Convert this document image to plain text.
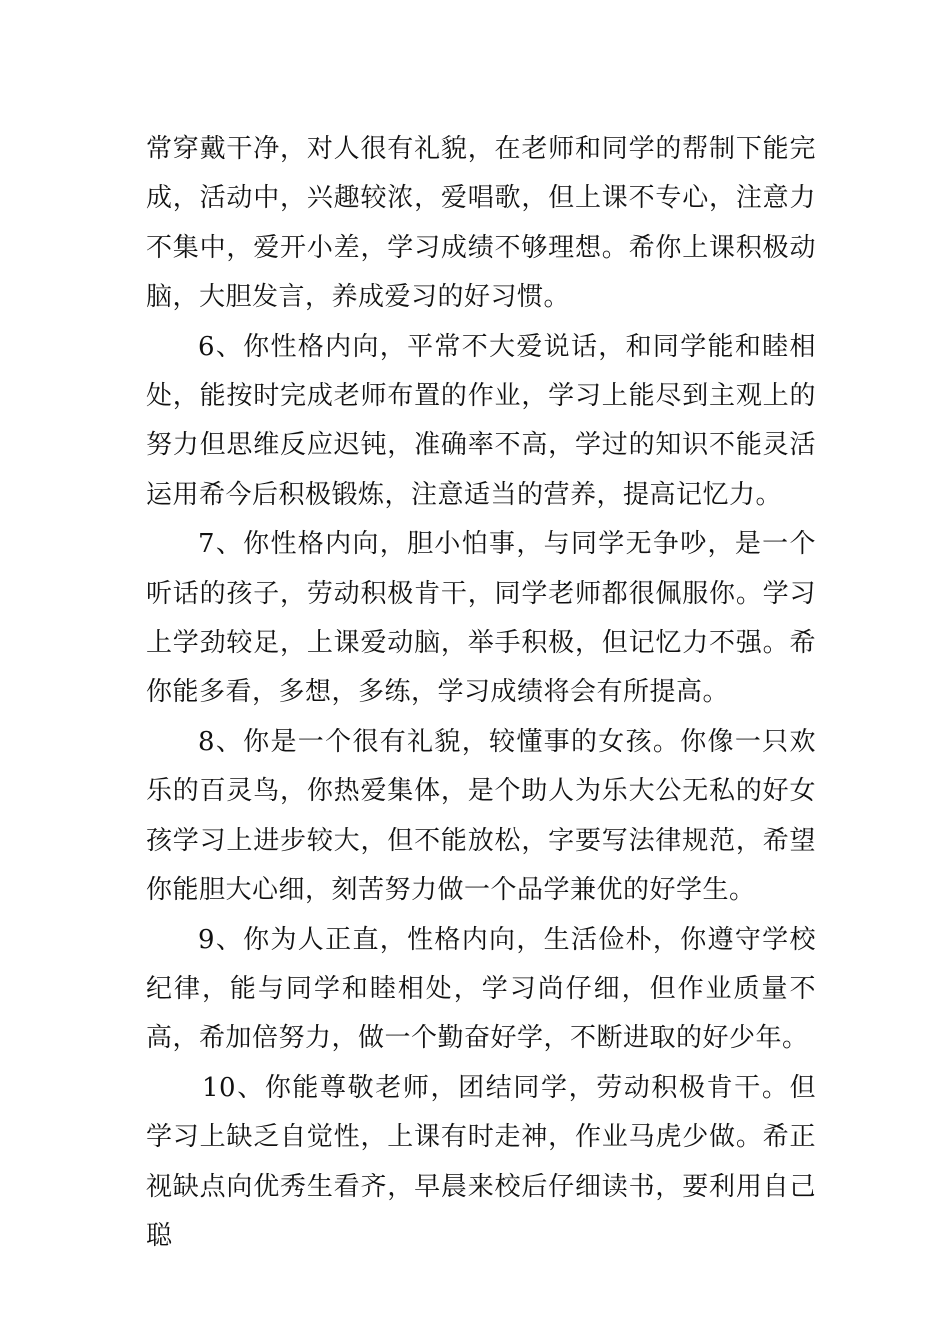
常穿戴干净，对人很有礼貌，在老师和同学的帮制下能完成，活动中，兴趣较浓，爱唱歌，但上课不专心，注意力不集中，爱开小差，学习成绩不够理想。希你上课积极动脑，大胆发言，养成爱习的好习惯。

6、你性格内向，平常不大爱说话，和同学能和睦相处，能按时完成老师布置的作业，学习上能尽到主观上的努力但思维反应迟钝，准确率不高，学过的知识不能灵活运用希今后积极锻炼，注意适当的营养，提高记忆力。

7、你性格内向，胆小怕事，与同学无争吵，是一个听话的孩子，劳动积极肯干，同学老师都很佩服你。学习上学劲较足，上课爱动脑，举手积极，但记忆力不强。希你能多看，多想，多练，学习成绩将会有所提高。

8、你是一个很有礼貌，较懂事的女孩。你像一只欢乐的百灵鸟，你热爱集体，是个助人为乐大公无私的好女孩学习上进步较大，但不能放松，字要写法律规范，希望你能胆大心细，刻苦努力做一个品学兼优的好学生。

9、你为人正直，性格内向，生活俭朴，你遵守学校纪律，能与同学和睦相处，学习尚仔细，但作业质量不高，希加倍努力，做一个勤奋好学，不断进取的好少年。

10、你能尊敬老师，团结同学，劳动积极肯干。但学习上缺乏自觉性，上课有时走神，作业马虎少做。希正视缺点向优秀生看齐，早晨来校后仔细读书，要利用自己聪
